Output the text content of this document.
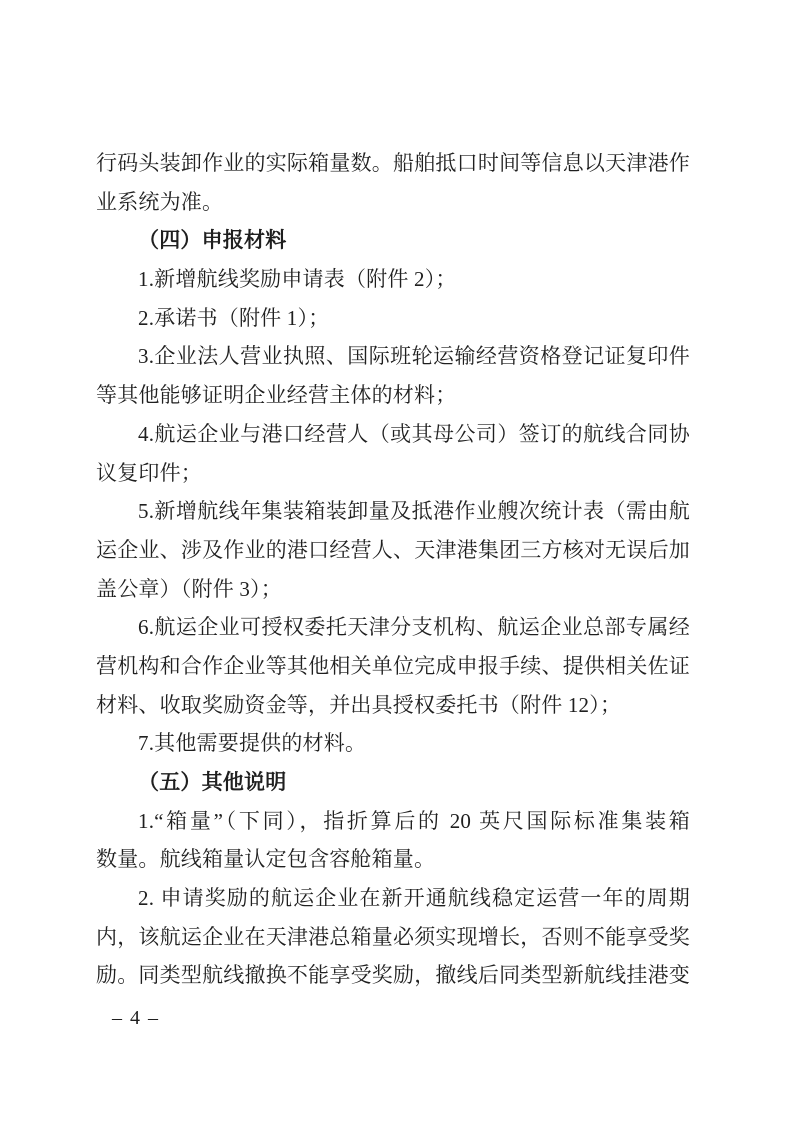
行码头装卸作业的实际箱量数。船舶抵口时间等信息以天津港作
业系统为准。
（四）申报材料
1.新增航线奖励申请表（附件 2）；
2.承诺书（附件 1）；
3.企业法人营业执照、国际班轮运输经营资格登记证复印件
等其他能够证明企业经营主体的材料；
4.航运企业与港口经营人（或其母公司）签订的航线合同协
议复印件；
5.新增航线年集装箱装卸量及抵港作业艘次统计表（需由航
运企业、涉及作业的港口经营人、天津港集团三方核对无误后加
盖公章）（附件 3）；
6.航运企业可授权委托天津分支机构、航运企业总部专属经
营机构和合作企业等其他相关单位完成申报手续、提供相关佐证
材料、收取奖励资金等，并出具授权委托书（附件 12）；
7.其他需要提供的材料。
（五）其他说明
1.“箱量”（下同），指折算后的 20 英尺国际标准集装箱
数量。航线箱量认定包含容舱箱量。
2. 申请奖励的航运企业在新开通航线稳定运营一年的周期
内，该航运企业在天津港总箱量必须实现增长，否则不能享受奖
励。同类型航线撤换不能享受奖励，撤线后同类型新航线挂港变
– 4 –
